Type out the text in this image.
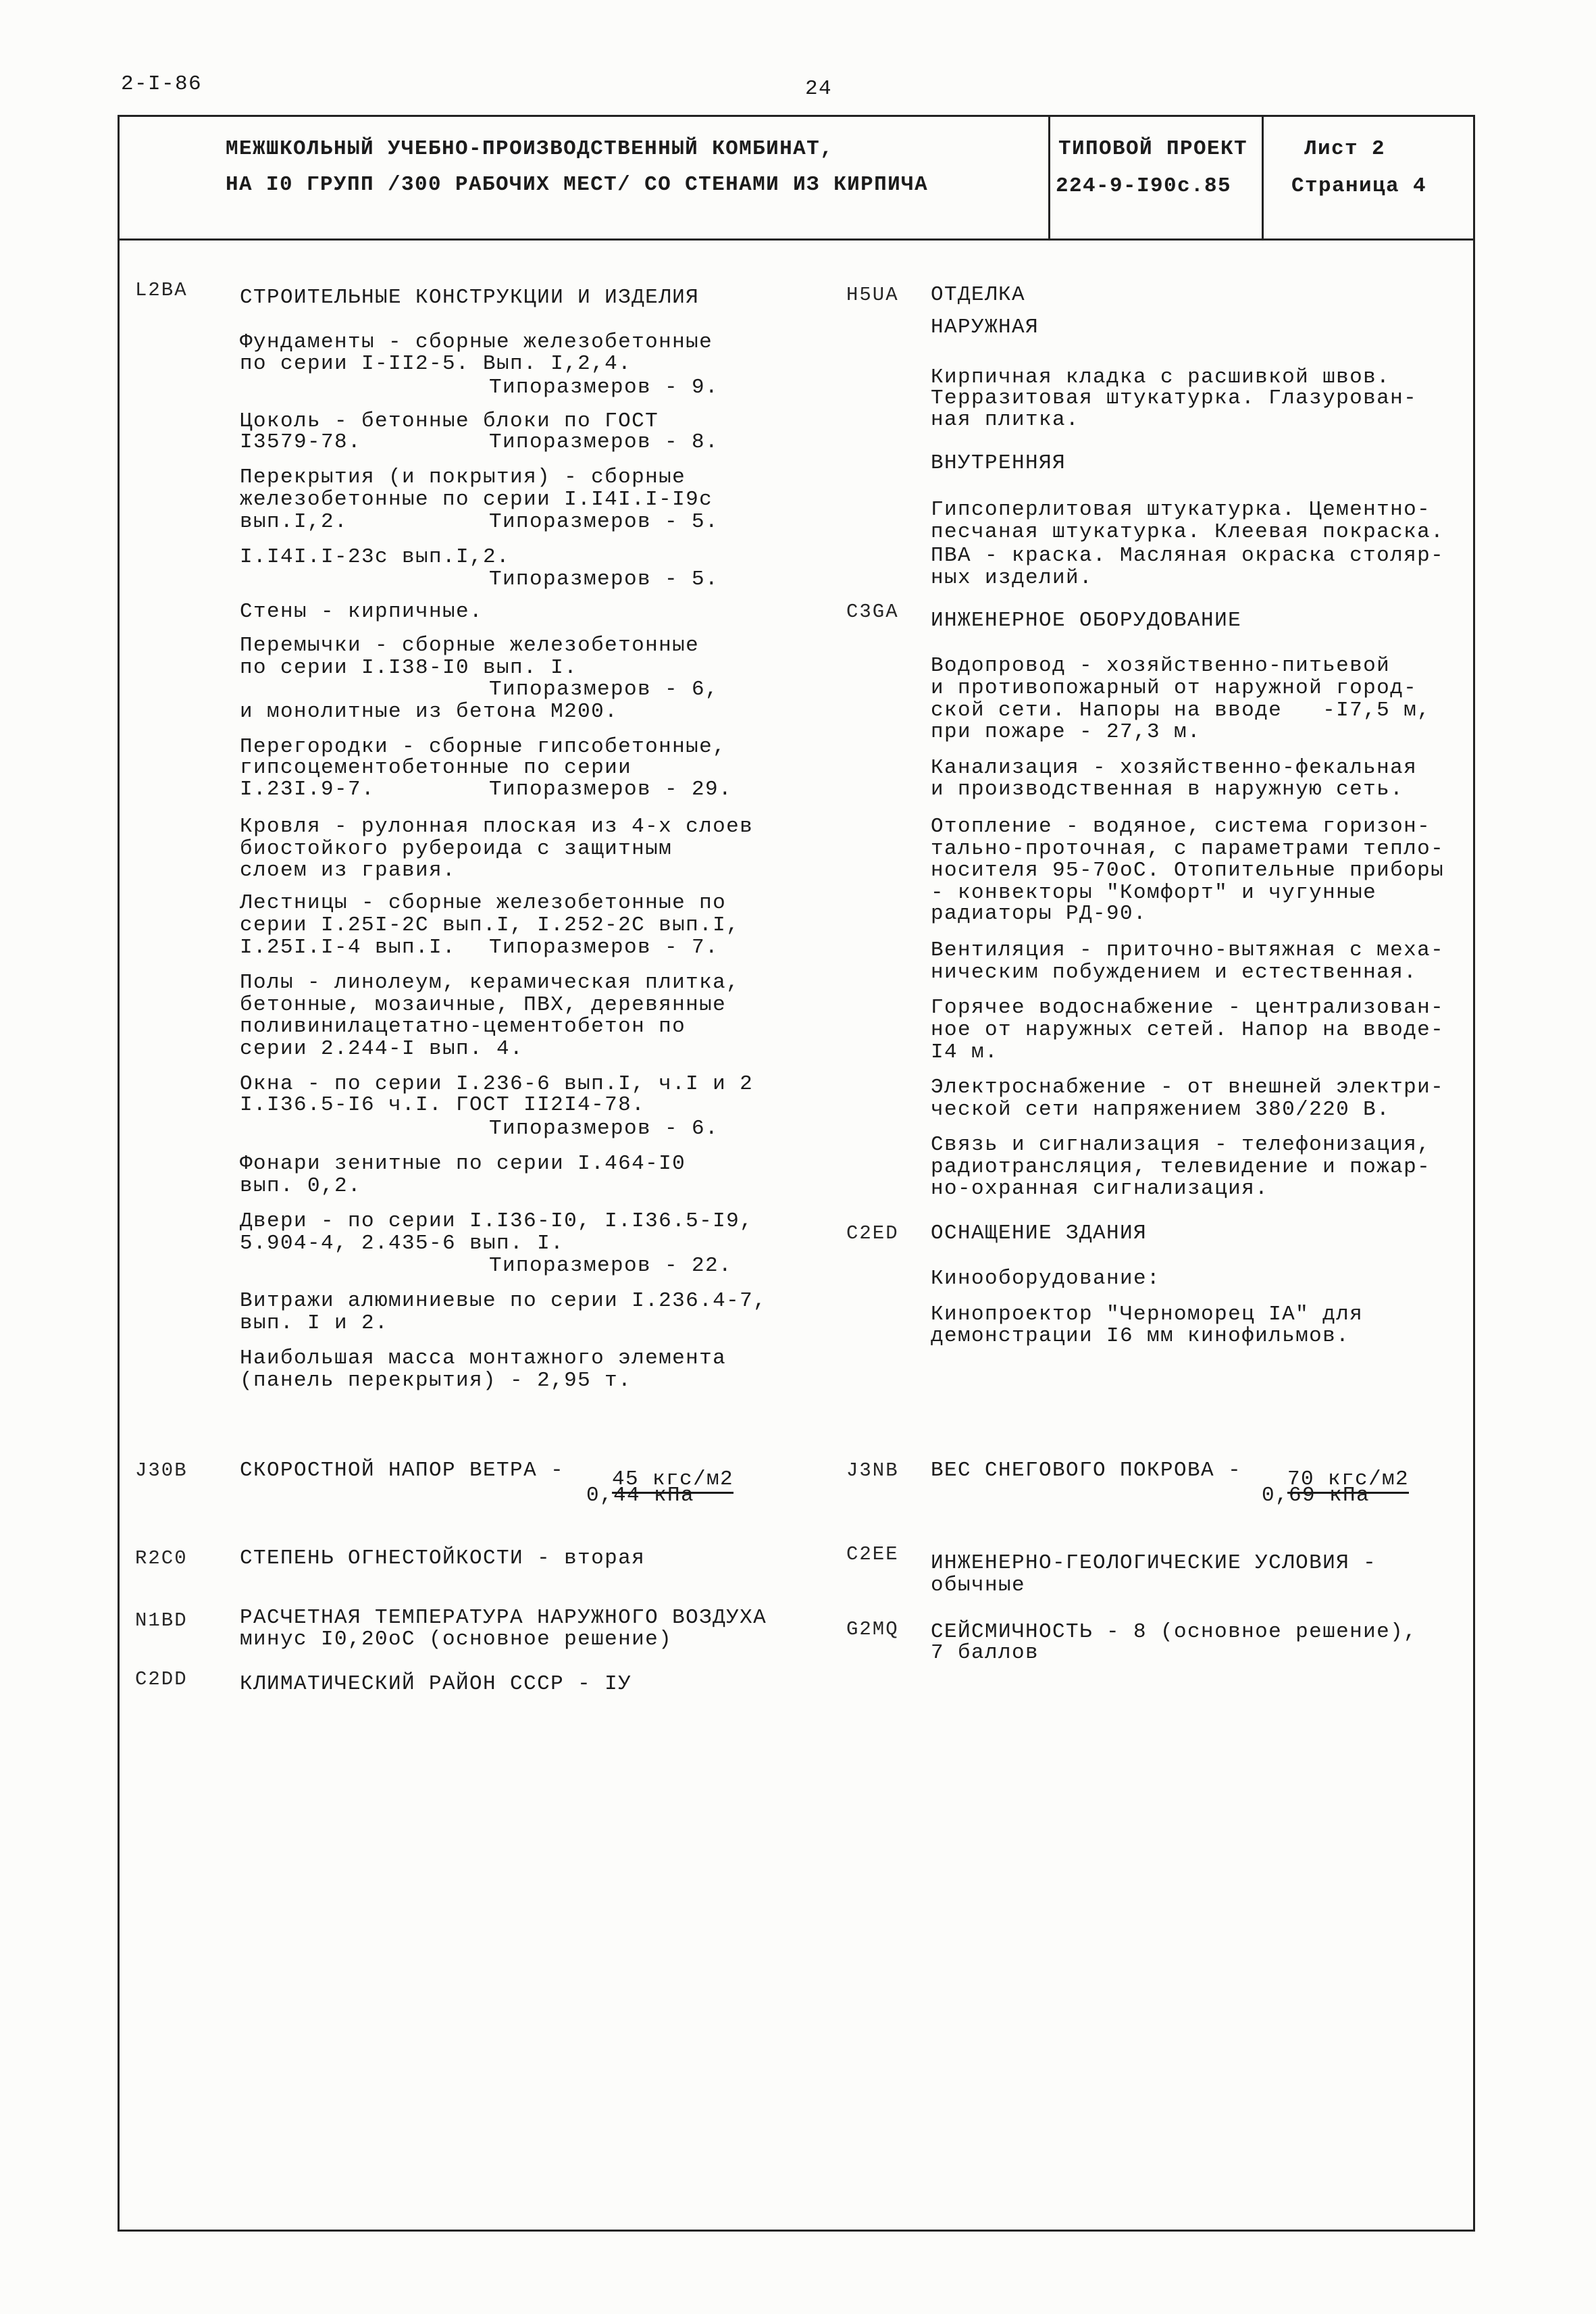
2-I-86	24
МЕЖШКОЛЬНЫЙ УЧЕБНО-ПРОИЗВОДСТВЕННЫЙ КОМБИНАТ,
НА I0 ГРУПП /300 РАБОЧИХ МЕСТ/ СО СТЕНАМИ ИЗ КИРПИЧА
ТИПОВОЙ ПРОЕКТ
224-9-I90с.85
Лист 2
Страница 4
L2BA СТРОИТЕЛЬНЫЕ КОНСТРУКЦИИ И ИЗДЕЛИЯ
Фундаменты - сборные железобетонные
по серии I-II2-5. Вып. I,2,4.
Типоразмеров - 9.
Цоколь - бетонные блоки по ГОСТ
I3579-78.	Типоразмеров - 8.
Перекрытия (и покрытия) - сборные
железобетонные по серии I.I4I.I-I9с
вып.I,2.	Типоразмеров - 5.
I.I4I.I-23с вып.I,2.
Типоразмеров - 5.
Стены - кирпичные.
Перемычки - сборные железобетонные
по серии I.I38-I0 вып. I.
Типоразмеров - 6,
и монолитные из бетона М200.
Перегородки - сборные гипсобетонные,
гипсоцементобетонные по серии
I.23I.9-7.	Типоразмеров - 29.
Кровля - рулонная плоская из 4-х слоев
биостойкого рубероида с защитным
слоем из гравия.
Лестницы - сборные железобетонные по
серии I.25I-2С вып.I, I.252-2С вып.I,
I.25I.I-4 вып.I. Типоразмеров - 7.
Полы - линолеум, керамическая плитка,
бетонные, мозаичные, ПВХ, деревянные
поливинилацетатно-цементобетон по
серии 2.244-I вып. 4.
Окна - по серии I.236-6 вып.I, ч.I и 2
I.I36.5-I6 ч.I. ГОСТ II2I4-78.
Типоразмеров - 6.
Фонари зенитные по серии I.464-I0
вып. 0,2.
Двери - по серии I.I36-I0, I.I36.5-I9,
5.904-4, 2.435-6 вып. I.
Типоразмеров - 22.
Витражи алюминиевые по серии I.236.4-7,
вып. I и 2.
Наибольшая масса монтажного элемента
(панель перекрытия) - 2,95 т.
H5UA ОТДЕЛКА
НАРУЖНАЯ
Кирпичная кладка с расшивкой швов.
Терразитовая штукатурка. Глазурован-
ная плитка.
ВНУТРЕННЯЯ
Гипсоперлитовая штукатурка. Цементно-
песчаная штукатурка. Клеевая покраска.
ПВА - краска. Масляная окраска столяр-
ных изделий.
C3GA ИНЖЕНЕРНОЕ ОБОРУДОВАНИЕ
Водопровод - хозяйственно-питьевой
и противопожарный от наружной город-
ской сети. Напоры на вводе   -I7,5 м,
при пожаре - 27,3 м.
Канализация - хозяйственно-фекальная
и производственная в наружную сеть.
Отопление - водяное, система горизон-
тально-проточная, с параметрами тепло-
носителя 95-70оС. Отопительные приборы
- конвекторы "Комфорт" и чугунные
радиаторы РД-90.
Вентиляция - приточно-вытяжная с меха-
ническим побуждением и естественная.
Горячее водоснабжение - централизован-
ное от наружных сетей. Напор на вводе-
I4 м.
Электроснабжение - от внешней электри-
ческой сети напряжением 380/220 В.
Связь и сигнализация - телефонизация,
радиотрансляция, телевидение и пожар-
но-охранная сигнализация.
C2ED ОСНАЩЕНИЕ ЗДАНИЯ
Кинооборудование:
Кинопроектор "Черноморец IА" для
демонстрации I6 мм кинофильмов.
J30B СКОРОСТНОЙ НАПОР ВЕТРА -	45 кгс/м2

0,44 кПа
J3NB ВЕС СНЕГОВОГО ПОКРОВА -	70 кгс/м2

0,69 кПа
R2C0 СТЕПЕНЬ ОГНЕСТОЙКОСТИ - вторая	C2EE ИНЖЕНЕРНО-ГЕОЛОГИЧЕСКИЕ УСЛОВИЯ -
обычные
N1BD РАСЧЕТНАЯ ТЕМПЕРАТУРА НАРУЖНОГО ВОЗДУХА
минус I0,20оС (основное решение)	G2MQ СЕЙСМИЧНОСТЬ - 8 (основное решение),
7 баллов
C2DD КЛИМАТИЧЕСКИЙ РАЙОН СССР - IУ
